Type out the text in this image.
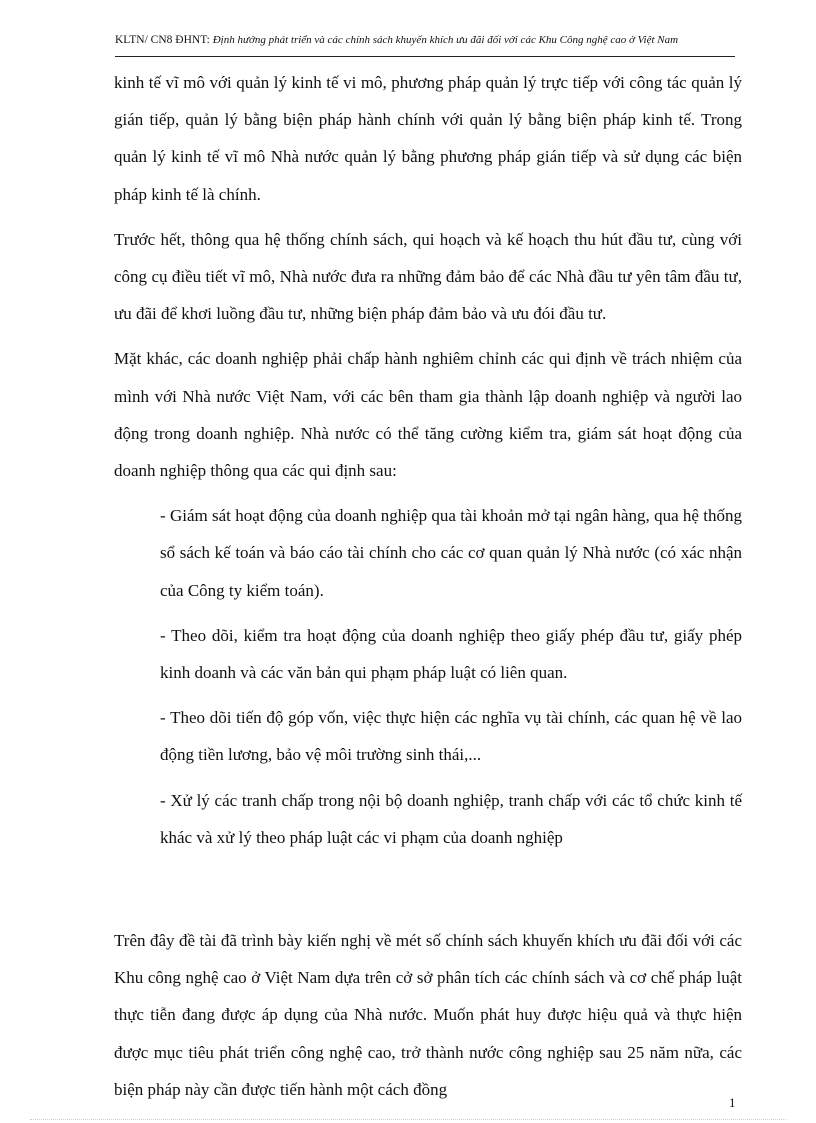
KLTN/ CN8 ĐHNT: Định hướng phát triển và các chính sách khuyến khích ưu đãi đối với các Khu Công nghệ cao ở Việt Nam

kinh tế vĩ mô với quản lý kinh tế vi mô, phương pháp quản lý trực tiếp với công tác quản lý gián tiếp, quản lý bằng biện pháp hành chính với quản lý bằng biện pháp kinh tế. Trong quản lý kinh tế vĩ mô Nhà nước quản lý bằng phương pháp gián tiếp và sử dụng các biện pháp kinh tế là chính.

Trước hết, thông qua hệ thống chính sách, qui hoạch và kế hoạch thu hút đầu tư, cùng với công cụ điều tiết vĩ mô, Nhà nước đưa ra những đảm bảo để các Nhà đầu tư yên tâm đầu tư, ưu đãi để khơi luồng đầu tư, những biện pháp đảm bảo và ưu đói đầu tư.

Mặt khác, các doanh nghiệp phải chấp hành nghiêm chỉnh các qui định về trách nhiệm của mình với Nhà nước Việt Nam, với các bên tham gia thành lập doanh nghiệp và người lao động trong doanh nghiệp. Nhà nước có thể tăng cường kiểm tra, giám sát hoạt động của doanh nghiệp thông qua các qui định sau:

- Giám sát hoạt động của doanh nghiệp qua tài khoản mở tại ngân hàng, qua hệ thống sổ sách kế toán và báo cáo tài chính cho các cơ quan quản lý Nhà nước (có xác nhận của Công ty kiểm toán).

- Theo dõi, kiểm tra hoạt động của doanh nghiệp theo giấy phép đầu tư, giấy phép kinh doanh và các văn bản qui phạm pháp luật có liên quan.

- Theo dõi tiến độ góp vốn, việc thực hiện các nghĩa vụ tài chính, các quan hệ về lao động tiền lương, bảo vệ môi trường sinh thái,...

- Xử lý các tranh chấp trong nội bộ doanh nghiệp, tranh chấp với các tổ chức kinh tế khác và xử lý theo pháp luật các vi phạm của doanh nghiệp

Trên đây đề tài đã trình bày kiến nghị về mét số chính sách khuyến khích ưu đãi đối với các Khu công nghệ cao ở Việt Nam dựa trên cở sở phân tích các chính sách và cơ chế pháp luật thực tiễn đang được áp dụng của Nhà nước. Muốn phát huy được hiệu quả và thực hiện được mục tiêu phát triển công nghệ cao, trở thành nước công nghiệp sau 25 năm nữa, các biện pháp này cần được tiến hành một cách đồng

1
